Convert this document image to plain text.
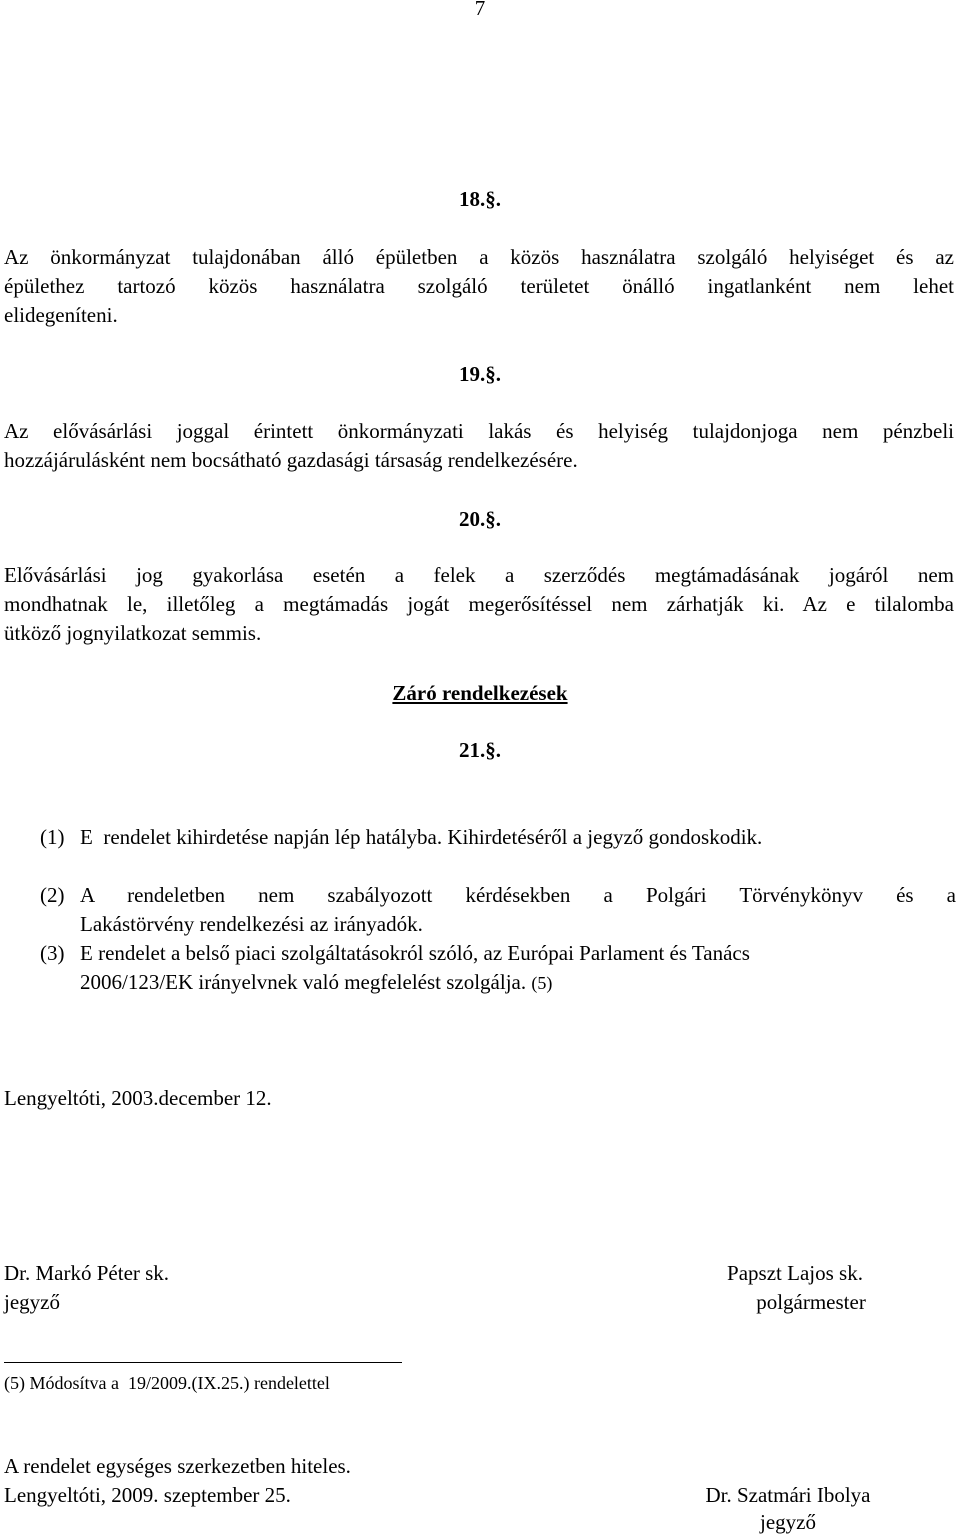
7
18.§.
Az önkormányzat tulajdonában álló épületben a közös használatra szolgáló helyiséget és az
épülethez tartozó közös használatra szolgáló területet önálló ingatlanként nem lehet
elidegeníteni.
19.§.
Az elővásárlási joggal érintett önkormányzati lakás és helyiség tulajdonjoga nem pénzbeli
hozzájárulásként nem bocsátható gazdasági társaság rendelkezésére.
20.§.
Elővásárlási jog gyakorlása esetén a felek a szerződés megtámadásának jogáról nem
mondhatnak le, illetőleg a megtámadás jogát megerősítéssel nem zárhatják ki. Az e tilalomba
ütköző jognyilatkozat semmis.
Záró rendelkezések
21.§.
(1) E  rendelet kihirdetése napján lép hatályba. Kihirdetéséről a jegyző gondoskodik.
(2) A rendeletben nem szabályozott kérdésekben a Polgári Törvénykönyv és a
Lakástörvény rendelkezési az irányadók.
(3) E rendelet a belső piaci szolgáltatásokról szóló, az Európai Parlament és Tanács
2006/123/EK irányelvnek való megfelelést szolgálja. (5)
Lengyeltóti, 2003.december 12.
Dr. Markó Péter sk.
jegyző
Papszt Lajos sk.
polgármester
(5) Módosítva a  19/2009.(IX.25.) rendelettel
A rendelet egységes szerkezetben hiteles.
Lengyeltóti, 2009. szeptember 25.	Dr. Szatmári Ibolya
jegyző
